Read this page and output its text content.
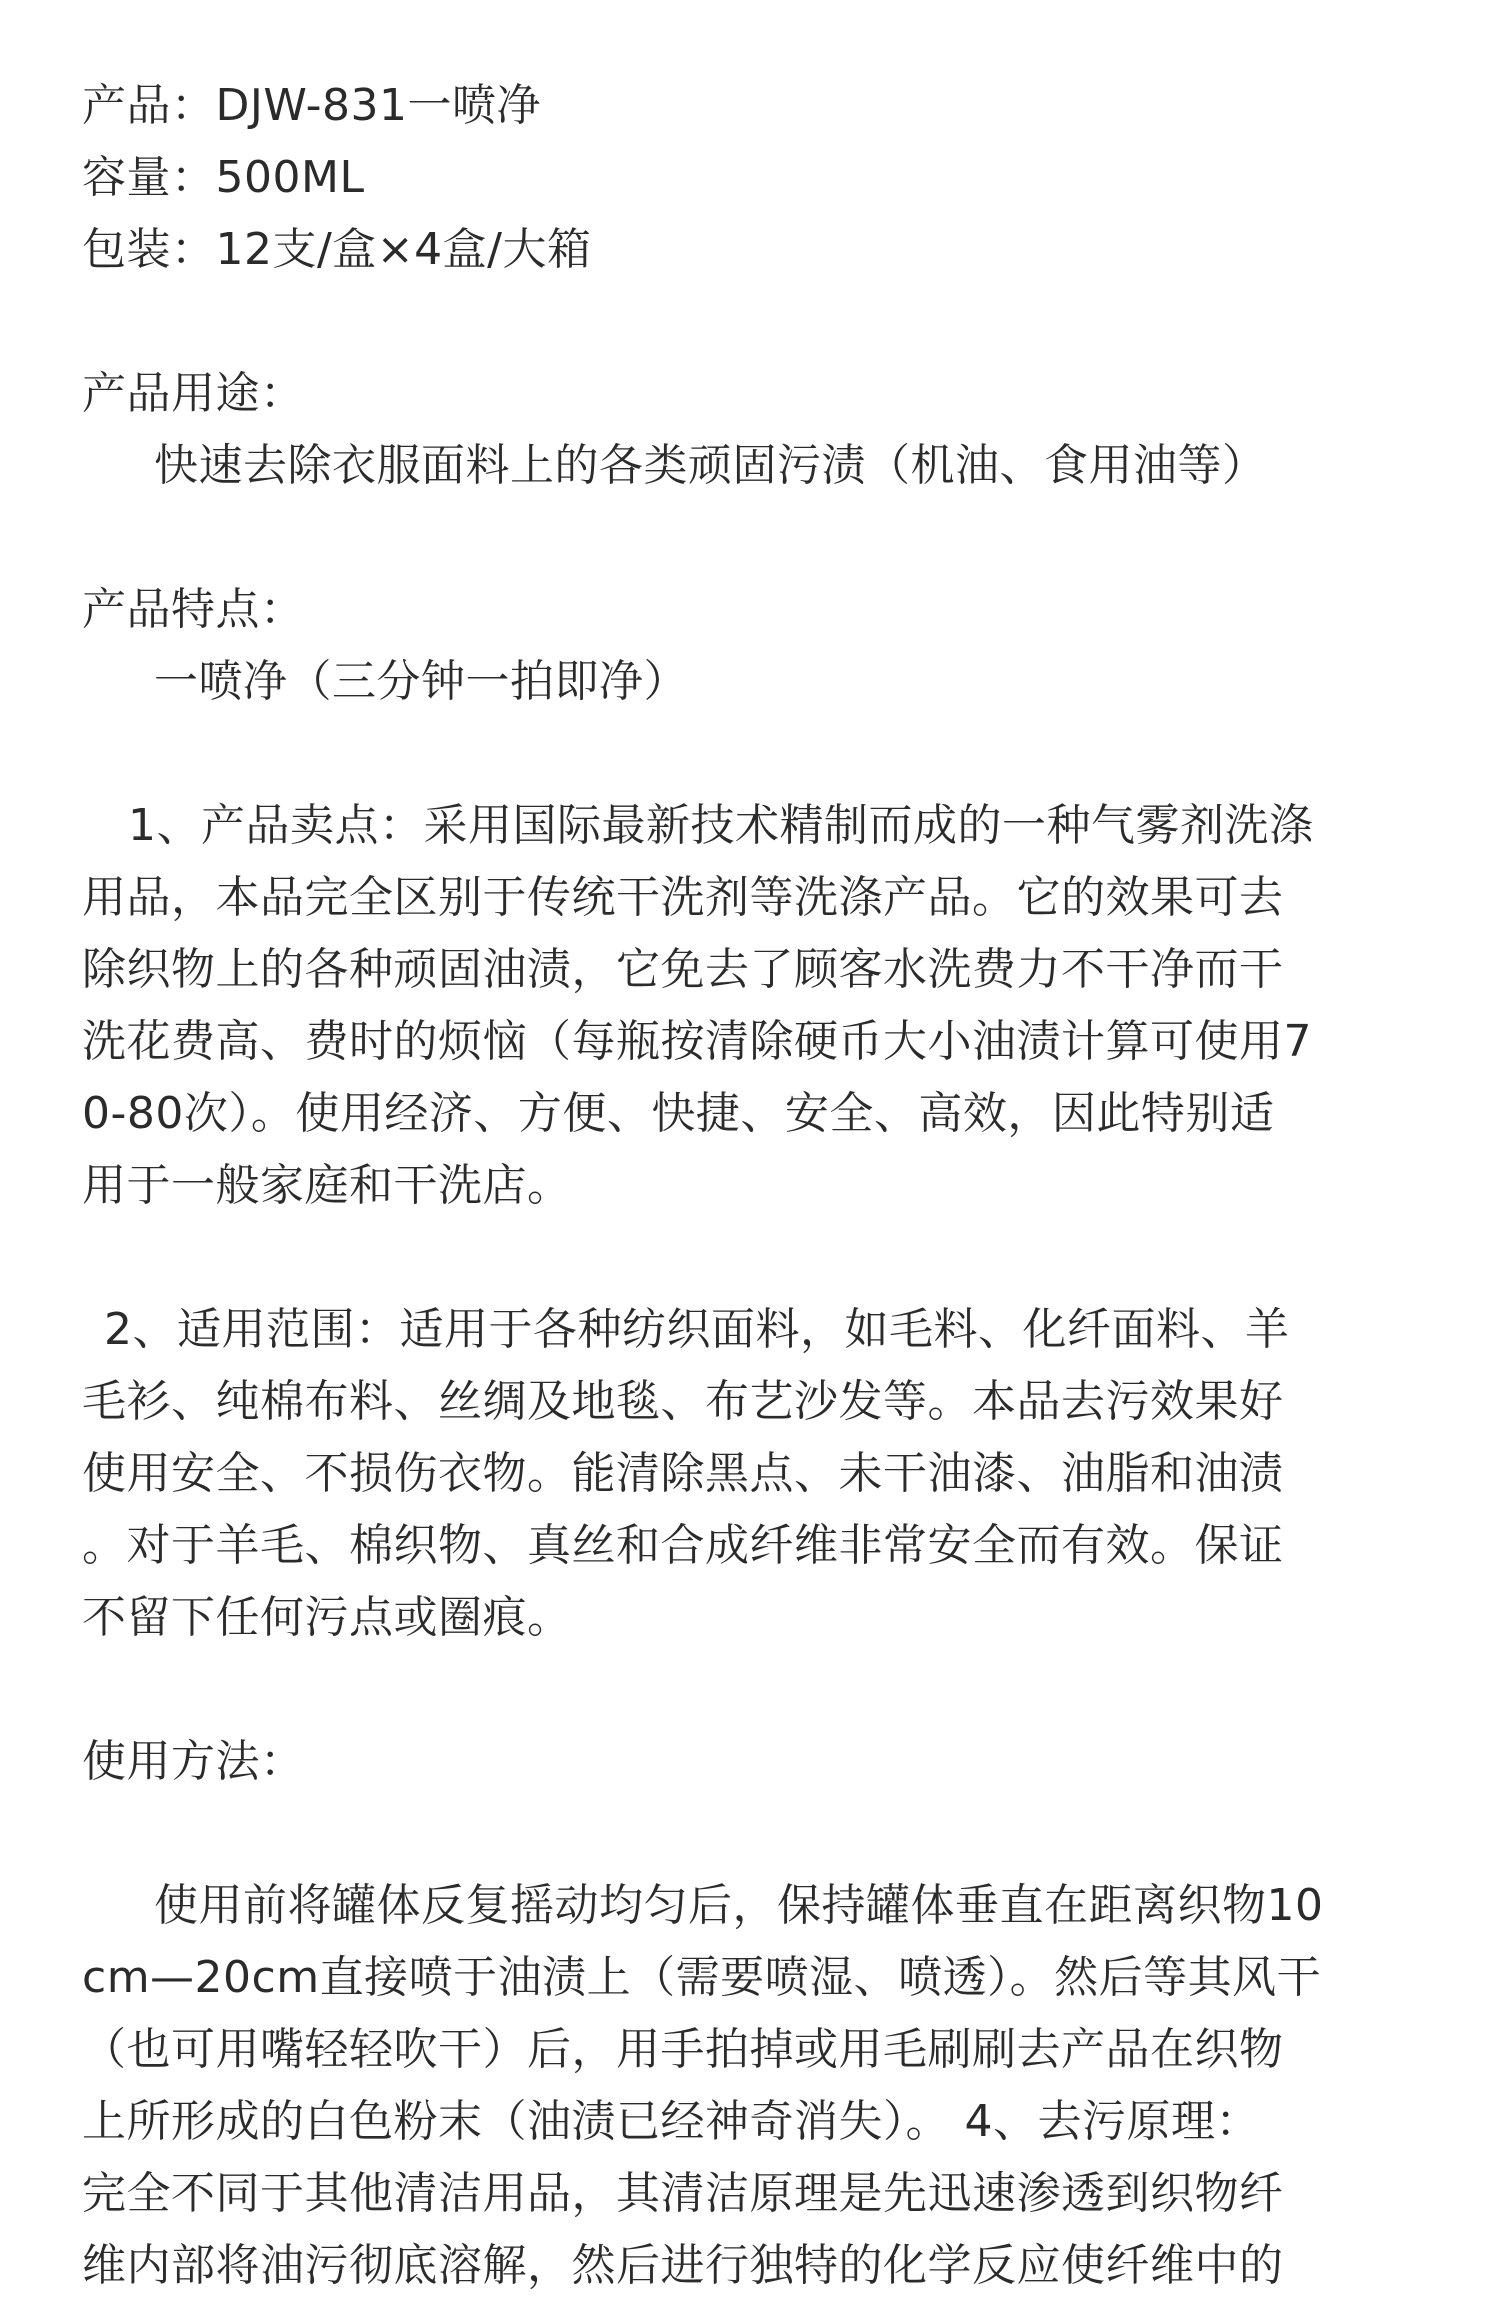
产品：DJW-831一喷净
容量：500ML
包装：12支/盒×4盒/大箱
产品用途：
快速去除衣服面料上的各类顽固污渍（机油、食用油等）
产品特点：
一喷净（三分钟一拍即净）
1、产品卖点：采用国际最新技术精制而成的一种气雾剂洗涤
用品，本品完全区别于传统干洗剂等洗涤产品。它的效果可去
除织物上的各种顽固油渍，它免去了顾客水洗费力不干净而干
洗花费高、费时的烦恼（每瓶按清除硬币大小油渍计算可使用7
0-80次）。使用经济、方便、快捷、安全、高效，因此特别适
用于一般家庭和干洗店。
2、适用范围：适用于各种纺织面料，如毛料、化纤面料、羊
毛衫、纯棉布料、丝绸及地毯、布艺沙发等。本品去污效果好
使用安全、不损伤衣物。能清除黑点、未干油漆、油脂和油渍
。对于羊毛、棉织物、真丝和合成纤维非常安全而有效。保证
不留下任何污点或圈痕。
使用方法：
使用前将罐体反复摇动均匀后，保持罐体垂直在距离织物10
cm—20cm直接喷于油渍上（需要喷湿、喷透）。然后等其风干
（也可用嘴轻轻吹干）后，用手拍掉或用毛刷刷去产品在织物
上所形成的白色粉末（油渍已经神奇消失）。 4、去污原理：
完全不同于其他清洁用品，其清洁原理是先迅速渗透到织物纤
维内部将油污彻底溶解，然后进行独特的化学反应使纤维中的
